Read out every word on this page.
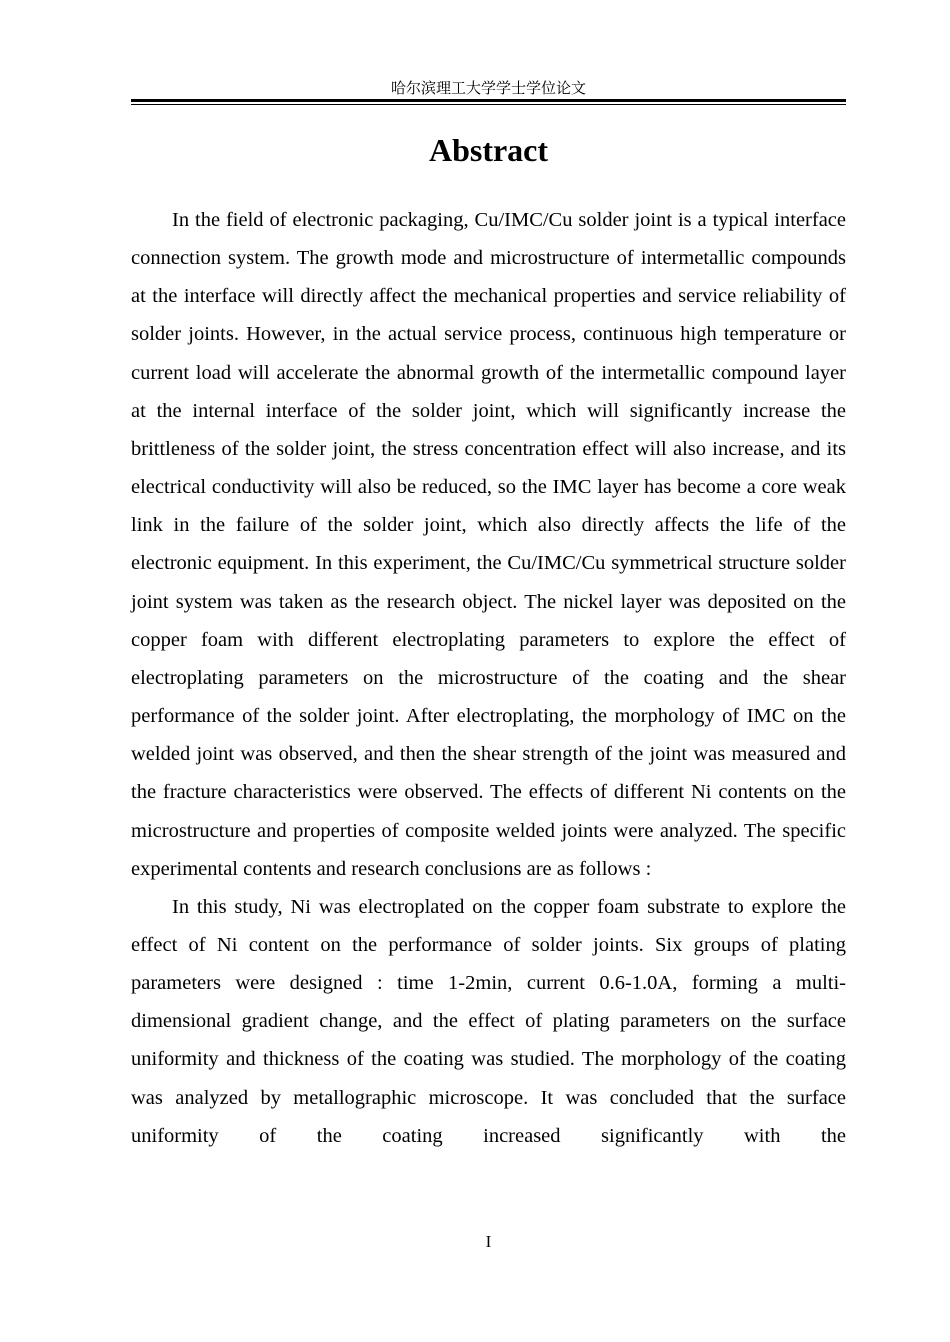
哈尔滨理工大学学士学位论文
Abstract

In the field of electronic packaging, Cu/IMC/Cu solder joint is a typical interface connection system. The growth mode and microstructure of intermetallic compounds at the interface will directly affect the mechanical properties and service reliability of solder joints. However, in the actual service process, continuous high temperature or current load will accelerate the abnormal growth of the intermetallic compound layer at the internal interface of the solder joint, which will significantly increase the brittleness of the solder joint, the stress concentration effect will also increase, and its electrical conductivity will also be reduced, so the IMC layer has become a core weak link in the failure of the solder joint, which also directly affects the life of the electronic equipment. In this experiment, the Cu/IMC/Cu symmetrical structure solder joint system was taken as the research object. The nickel layer was deposited on the copper foam with different electroplating parameters to explore the effect of electroplating parameters on the microstructure of the coating and the shear performance of the solder joint. After electroplating, the morphology of IMC on the welded joint was observed, and then the shear strength of the joint was measured and the fracture characteristics were observed. The effects of different Ni contents on the microstructure and properties of composite welded joints were analyzed. The specific experimental contents and research conclusions are as follows :

In this study, Ni was electroplated on the copper foam substrate to explore the effect of Ni content on the performance of solder joints. Six groups of plating parameters were designed : time 1-2min, current 0.6-1.0A, forming a multi-dimensional gradient change, and the effect of plating parameters on the surface uniformity and thickness of the coating was studied. The morphology of the coating was analyzed by metallographic microscope. It was concluded that the surface uniformity of the coating increased significantly with the

I
